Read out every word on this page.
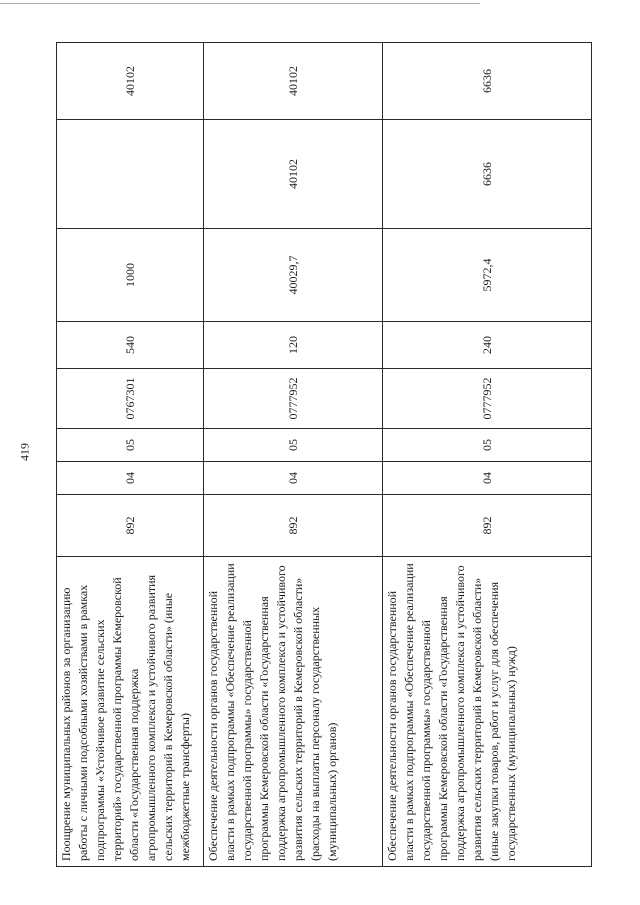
419
Поощрение муниципальных районов за организацию работы с личными подсобными хозяйствами в рамках подпрограммы «Устойчивое развитие сельских территорий» государственной программы Кемеровской области «Государственная поддержка агропромышленного комплекса и устойчивого развития сельских территорий в Кемеровской области» (иные межбюджетные трансферты)	892	04	05	0767301	540	1000		40102
Обеспечение деятельности органов государственной власти в рамках подпрограммы «Обеспечение реализации государственной программы» государственной программы Кемеровской области «Государственная поддержка агропромышленного комплекса и устойчивого развития сельских территорий в Кемеровской области» (расходы на выплаты персоналу государственных (муниципальных) органов)	892	04	05	0777952	120	40029,7	40102	40102
Обеспечение деятельности органов государственной власти в рамках подпрограммы «Обеспечение реализации государственной программы» государственной программы Кемеровской области «Государственная поддержка агропромышленного комплекса и устойчивого развития сельских территорий в Кемеровской области» (иные закупки товаров, работ и услуг для обеспечения государственных (муниципальных) нужд)	892	04	05	0777952	240	5972,4	6636	6636
